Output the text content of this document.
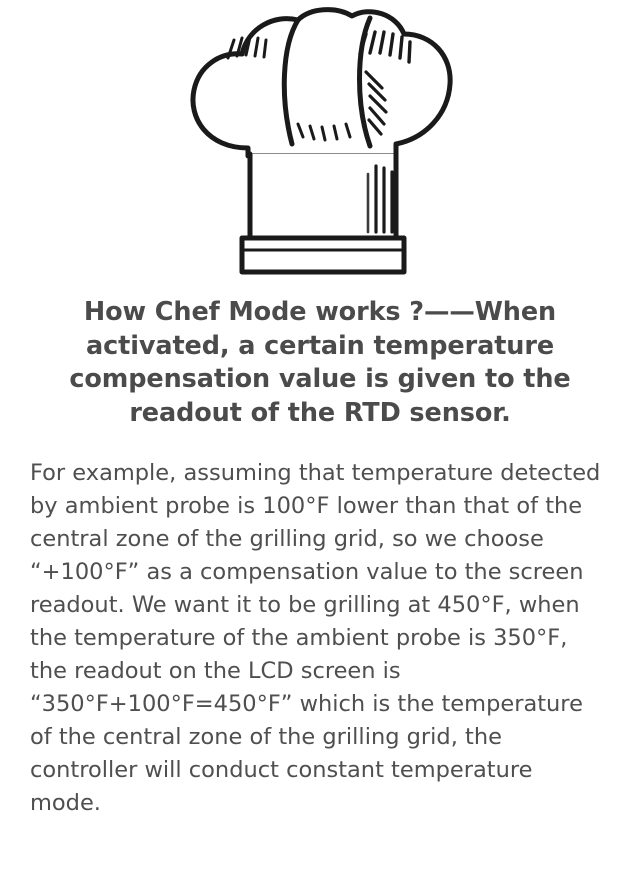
How Chef Mode works ?——When activated, a certain temperature compensation value is given to the readout of the RTD sensor.

For example, assuming that temperature detected by ambient probe is 100°F lower than that of the central zone of the grilling grid, so we choose “+100°F” as a compensation value to the screen readout. We want it to be grilling at 450°F, when the temperature of the ambient probe is 350°F, the readout on the LCD screen is “350°F+100°F=450°F” which is the temperature of the central zone of the grilling grid, the controller will conduct constant temperature mode.
